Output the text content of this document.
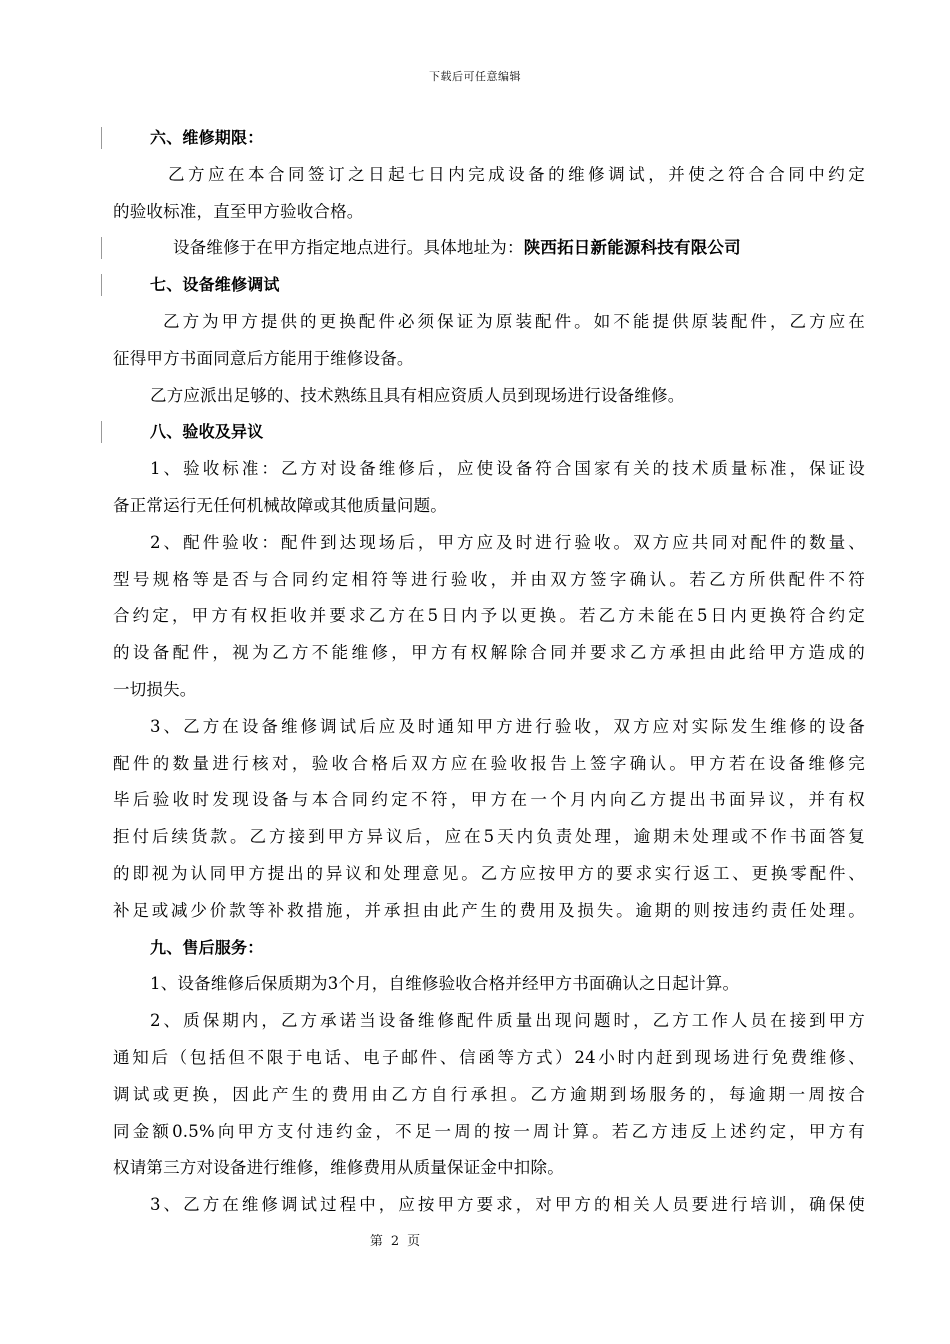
下载后可任意编辑
六、维修期限：
乙方应在本合同签订之日起七日内完成设备的维修调试，并使之符合合同中约定
的验收标准，直至甲方验收合格。
设备维修于在甲方指定地点进行。具体地址为：陕西拓日新能源科技有限公司
七、设备维修调试
乙方为甲方提供的更换配件必须保证为原装配件。如不能提供原装配件，乙方应在
征得甲方书面同意后方能用于维修设备。
乙方应派出足够的、技术熟练且具有相应资质人员到现场进行设备维修。
八、验收及异议
1、验收标准：乙方对设备维修后，应使设备符合国家有关的技术质量标准，保证设
备正常运行无任何机械故障或其他质量问题。
2、配件验收：配件到达现场后，甲方应及时进行验收。双方应共同对配件的数量、
型号规格等是否与合同约定相符等进行验收，并由双方签字确认。若乙方所供配件不符
合约定，甲方有权拒收并要求乙方在5日内予以更换。若乙方未能在5日内更换符合约定
的设备配件，视为乙方不能维修，甲方有权解除合同并要求乙方承担由此给甲方造成的
一切损失。
3、乙方在设备维修调试后应及时通知甲方进行验收，双方应对实际发生维修的设备
配件的数量进行核对，验收合格后双方应在验收报告上签字确认。甲方若在设备维修完
毕后验收时发现设备与本合同约定不符，甲方在一个月内向乙方提出书面异议，并有权
拒付后续货款。乙方接到甲方异议后，应在5天内负责处理，逾期未处理或不作书面答复
的即视为认同甲方提出的异议和处理意见。乙方应按甲方的要求实行返工、更换零配件、
补足或减少价款等补救措施，并承担由此产生的费用及损失。逾期的则按违约责任处理。
九、售后服务：
1、设备维修后保质期为3个月，自维修验收合格并经甲方书面确认之日起计算。
2、质保期内，乙方承诺当设备维修配件质量出现问题时，乙方工作人员在接到甲方
通知后（包括但不限于电话、电子邮件、信函等方式）24小时内赶到现场进行免费维修、
调试或更换，因此产生的费用由乙方自行承担。乙方逾期到场服务的，每逾期一周按合
同金额0.5%向甲方支付违约金，不足一周的按一周计算。若乙方违反上述约定，甲方有
权请第三方对设备进行维修，维修费用从质量保证金中扣除。
3、乙方在维修调试过程中，应按甲方要求，对甲方的相关人员要进行培训，确保使
第 2 页
